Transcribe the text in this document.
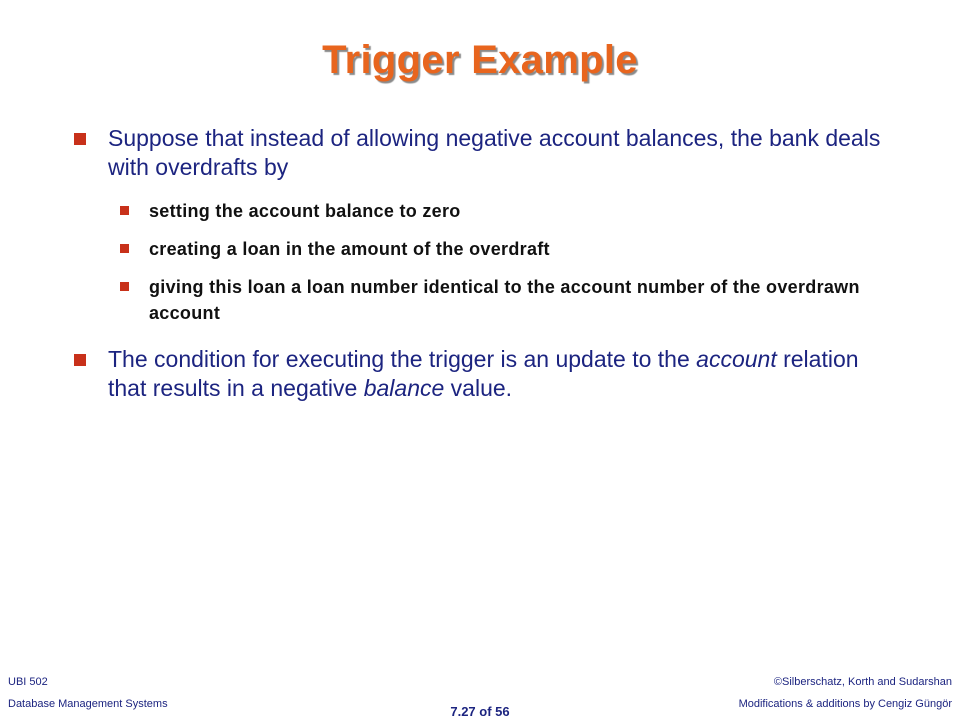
Trigger Example
Suppose that instead of allowing negative account balances, the bank deals with overdrafts by
setting the account balance to zero
creating a loan in the amount of the overdraft
giving this loan a loan number identical to the account number of the overdrawn account
The condition for executing the trigger is an update to the account relation that results in a negative balance value.
UBI 502
Database Management Systems	7.27 of 56
©Silberschatz, Korth and Sudarshan
Modifications & additions by Cengiz Güngör
